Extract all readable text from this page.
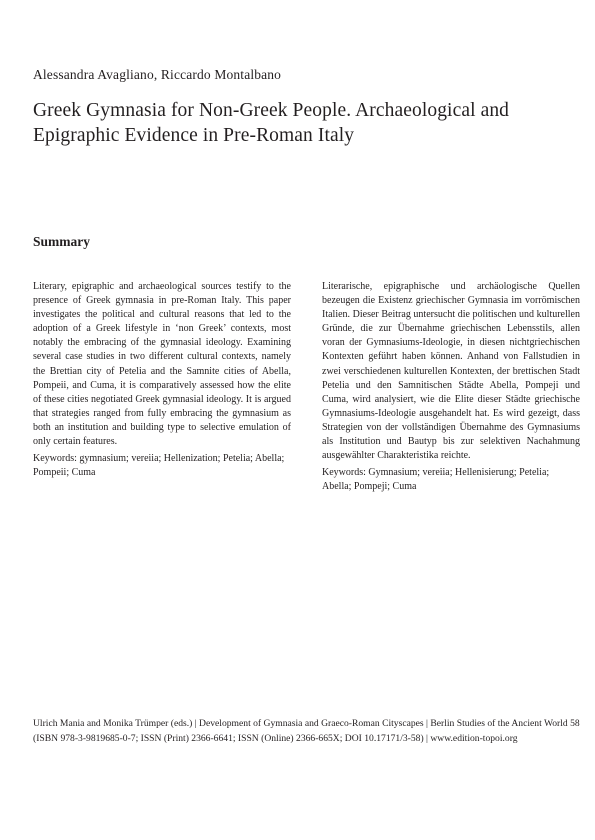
Alessandra Avagliano, Riccardo Montalbano
Greek Gymnasia for Non-Greek People. Archaeological and Epigraphic Evidence in Pre-Roman Italy
Summary

Literary, epigraphic and archaeological sources testify to the presence of Greek gymnasia in pre-Roman Italy. This paper investigates the political and cultural reasons that led to the adoption of a Greek lifestyle in ‘non Greek’ contexts, most notably the embracing of the gymnasial ideology. Examining several case studies in two different cultural contexts, namely the Brettian city of Petelia and the Samnite cities of Abella, Pompeii, and Cuma, it is comparatively assessed how the elite of these cities negotiated Greek gymnasial ideology. It is argued that strategies ranged from fully embracing the gymnasium as both an institution and building type to selective emulation of only certain features.

Keywords: gymnasium; vereiia; Hellenization; Petelia; Abella; Pompeii; Cuma

Literarische, epigraphische und archäologische Quellen bezeugen die Existenz griechischer Gymnasia im vorrömischen Italien. Dieser Beitrag untersucht die politischen und kulturellen Gründe, die zur Übernahme griechischen Lebensstils, allen voran der Gymnasiums-Ideologie, in diesen nichtgriechischen Kontexten geführt haben können. Anhand von Fallstudien in zwei verschiedenen kulturellen Kontexten, der brettischen Stadt Petelia und den Samnitischen Städte Abella, Pompeji und Cuma, wird analysiert, wie die Elite dieser Städte griechische Gymnasiums-Ideologie ausgehandelt hat. Es wird gezeigt, dass Strategien von der vollständigen Übernahme des Gymnasiums als Institution und Bautyp bis zur selektiven Nachahmung ausgewählter Charakteristika reichte.

Keywords: Gymnasium; vereiia; Hellenisierung; Petelia; Abella; Pompeji; Cuma

Ulrich Mania and Monika Trümper (eds.) | Development of Gymnasia and Graeco-Roman Cityscapes | Berlin Studies of the Ancient World 58
(ISBN 978-3-9819685-0-7; ISSN (Print) 2366-6641; ISSN (Online) 2366-665X; DOI 10.17171/3-58) | www.edition-topoi.org
